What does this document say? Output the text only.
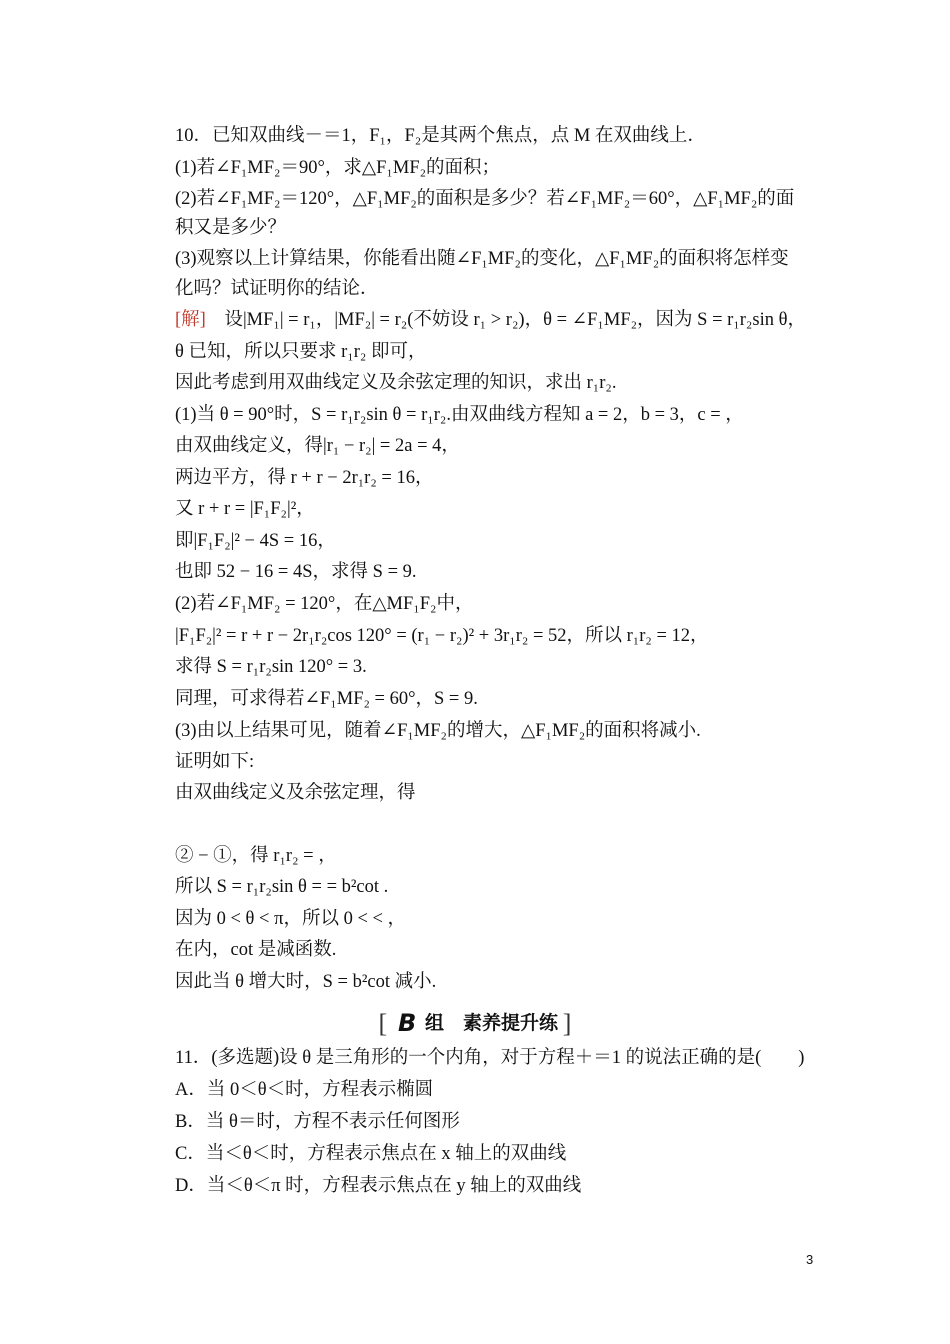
10．已知双曲线－＝1，F₁，F₂是其两个焦点，点 M 在双曲线上．
(1)若∠F₁MF₂＝90°，求△F₁MF₂的面积；
(2)若∠F₁MF₂＝120°，△F₁MF₂的面积是多少？若∠F₁MF₂＝60°，△F₁MF₂的面
积又是多少？
(3)观察以上计算结果，你能看出随∠F₁MF₂的变化，△F₁MF₂的面积将怎样变
化吗？试证明你的结论．
[解] 设|MF₁| = r₁，|MF₂| = r₂(不妨设 r₁ > r₂)，θ = ∠F₁MF₂，因为 S = r₁r₂sin θ，
θ 已知，所以只要求 r₁r₂ 即可，
因此考虑到用双曲线定义及余弦定理的知识，求出 r₁r₂.
(1)当 θ = 90°时，S = r₁r₂sin θ = r₁r₂.由双曲线方程知 a = 2，b = 3，c = ，
由双曲线定义，得|r₁ − r₂| = 2a = 4，
两边平方，得 r + r − 2r₁r₂ = 16，
又 r + r = |F₁F₂|²，
即|F₁F₂|² − 4S = 16，
也即 52 − 16 = 4S，求得 S = 9.
(2)若∠F₁MF₂ = 120°，在△MF₁F₂中，
|F₁F₂|² = r + r − 2r₁r₂cos 120° = (r₁ − r₂)² + 3r₁r₂ = 52，所以 r₁r₂ = 12，
求得 S = r₁r₂sin 120° = 3.
同理，可求得若∠F₁MF₂ = 60°，S = 9.
(3)由以上结果可见，随着∠F₁MF₂的增大，△F₁MF₂的面积将减小.
证明如下:
由双曲线定义及余弦定理，得
② − ①，得 r₁r₂ = ，
所以 S = r₁r₂sin θ = = b²cot .
因为 0 < θ < π，所以 0 < < ，
在内，cot 是减函数.
因此当 θ 增大时，S = b²cot 减小.
[ B 组　素养提升练 ]
11．(多选题)设 θ 是三角形的一个内角，对于方程＋＝1 的说法正确的是(　　)
A．当 0＜θ＜时，方程表示椭圆
B．当 θ＝时，方程不表示任何图形
C．当＜θ＜时，方程表示焦点在 x 轴上的双曲线
D．当＜θ＜π 时，方程表示焦点在 y 轴上的双曲线
3
